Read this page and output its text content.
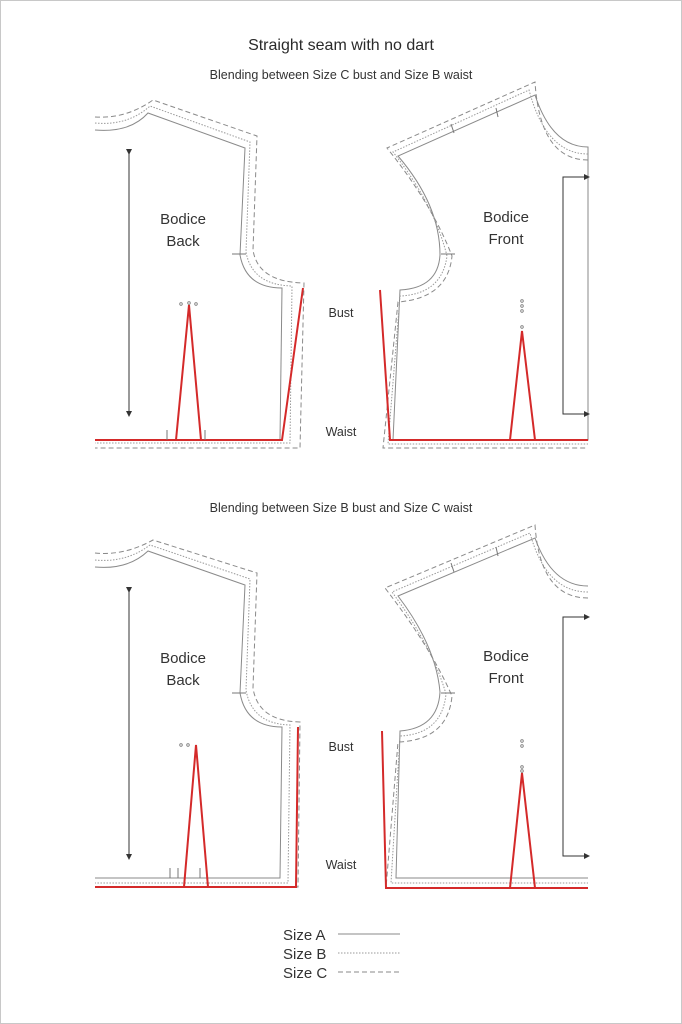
Straight seam with no dart
Blending between Size C bust and Size B waist
Bodice
Back
Bodice
Front
Bust
Waist
Blending between Size B bust and Size C waist
Bodice
Back
Bodice
Front
Bust
Waist
Size A
Size B
Size C
